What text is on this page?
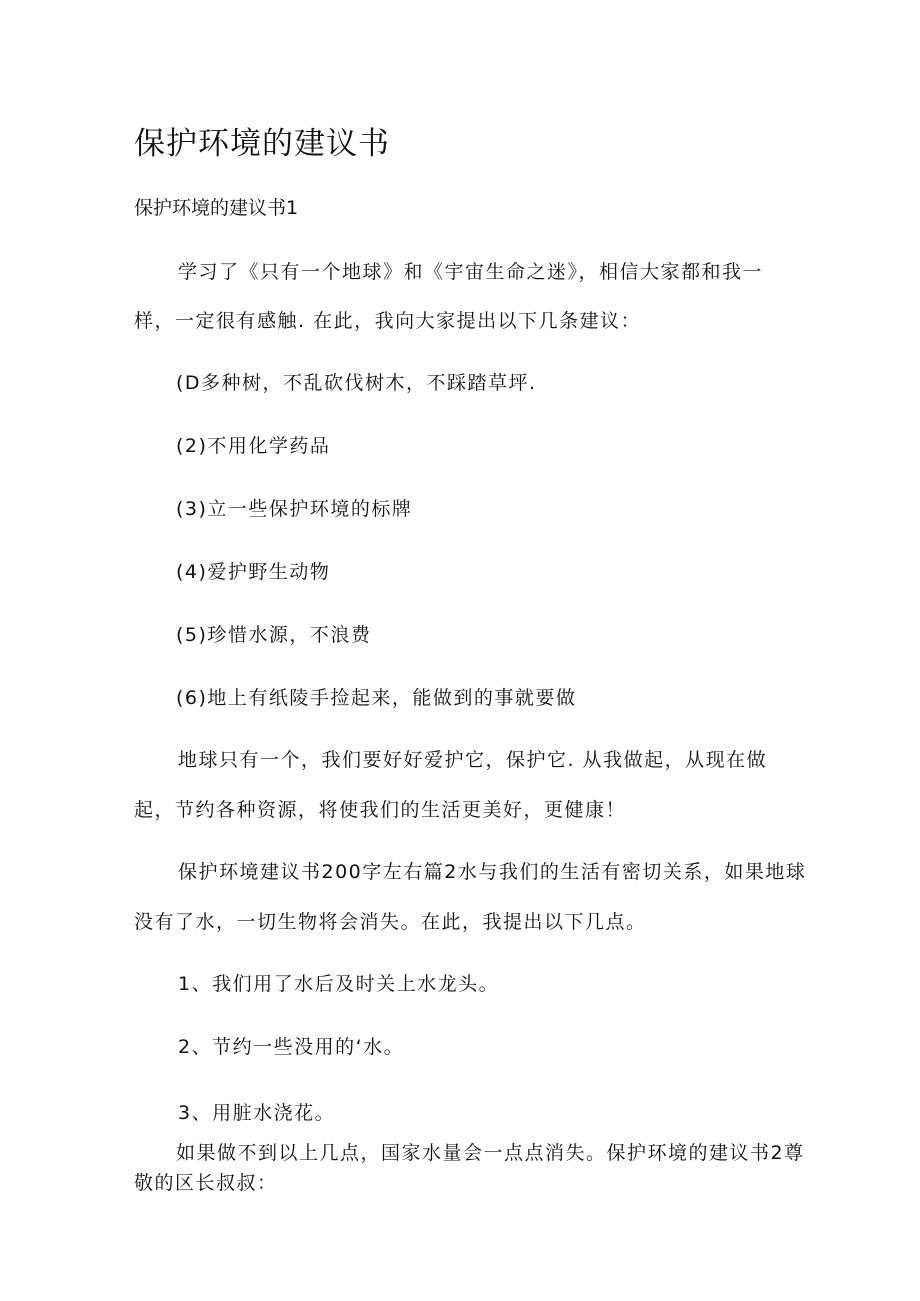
保护环境的建议书
保护环境的建议书1
学习了《只有一个地球》和《宇宙生命之迷》，相信大家都和我一
样，一定很有感触. 在此，我向大家提出以下几条建议：
(D多种树，不乱砍伐树木，不踩踏草坪.
(2)不用化学药品
(3)立一些保护环境的标牌
(4)爱护野生动物
(5)珍惜水源，不浪费
(6)地上有纸陵手捡起来，能做到的事就要做
地球只有一个，我们要好好爱护它，保护它. 从我做起，从现在做
起，节约各种资源，将使我们的生活更美好，更健康！
保护环境建议书200字左右篇2水与我们的生活有密切关系，如果地球
没有了水，一切生物将会消失。在此，我提出以下几点。
1、我们用了水后及时关上水龙头。
2、节约一些没用的‘水。
3、用脏水浇花。
如果做不到以上几点，国家水量会一点点消失。保护环境的建议书2尊
敬的区长叔叔：
